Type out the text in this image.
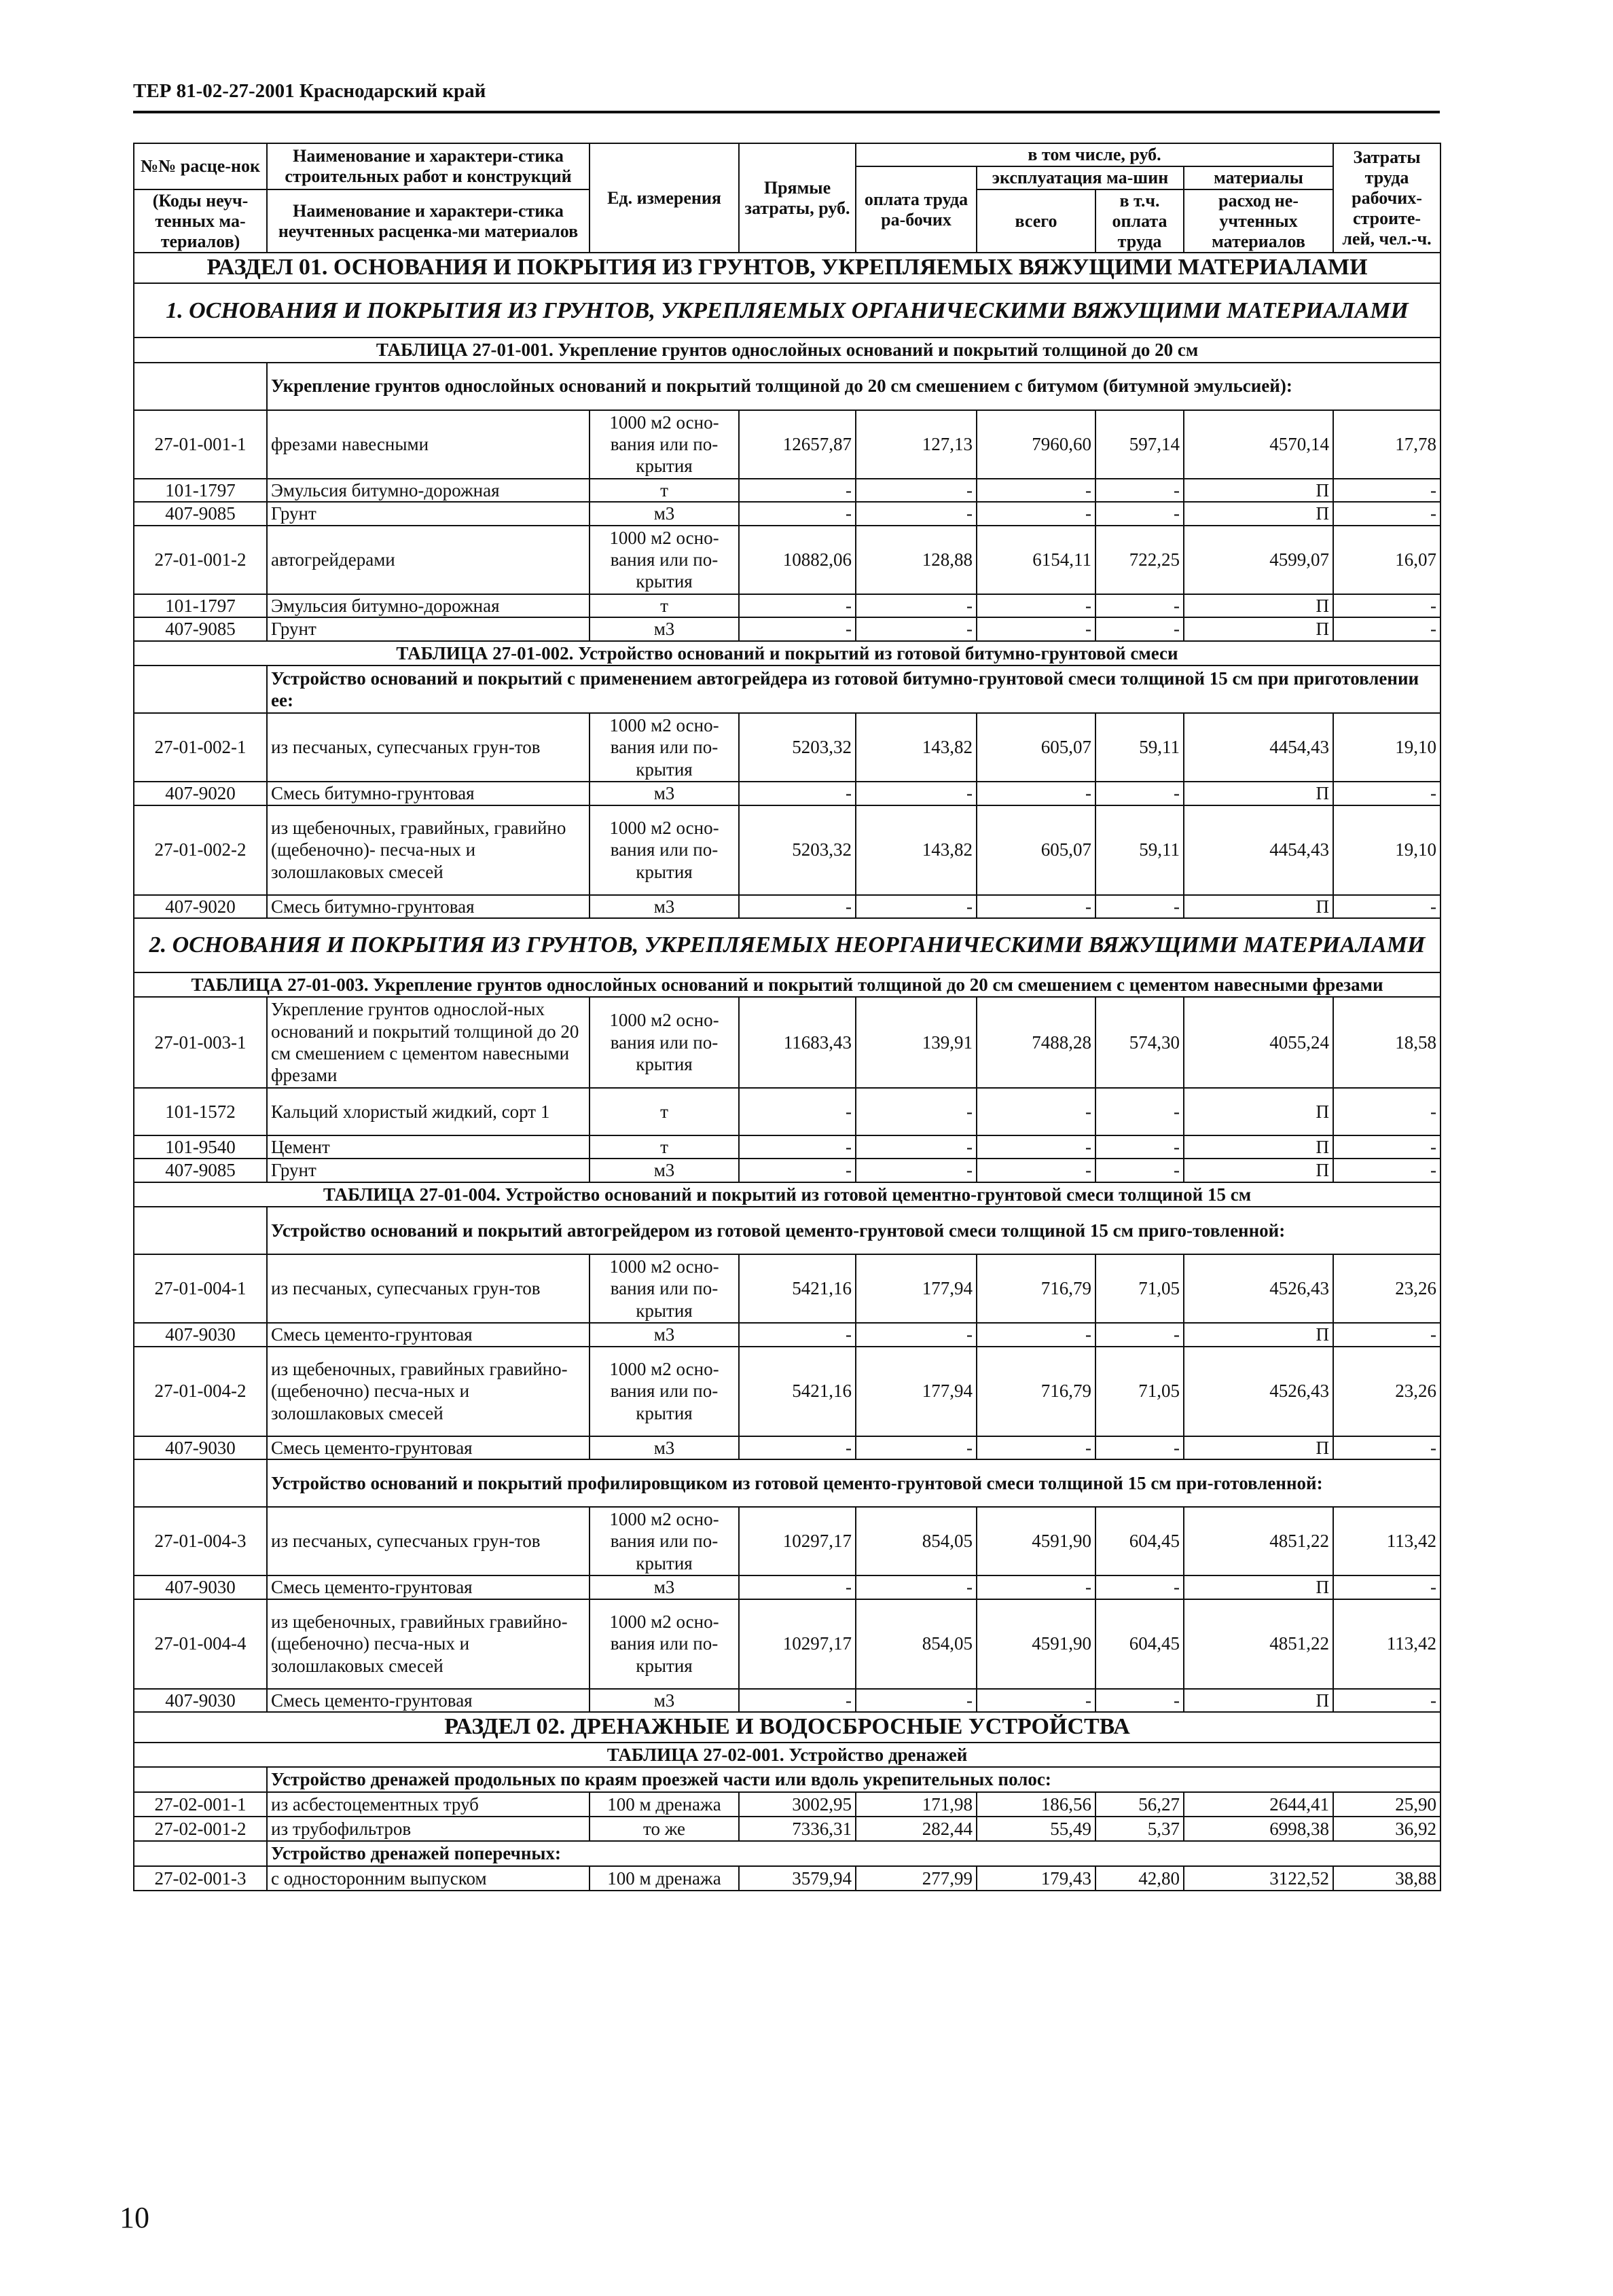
ТЕР 81-02-27-2001 Краснодарский край
№№ расце-нок	Наименование и характери-стика строительных работ и конструкций	Ед. измерения	Прямые затраты, руб.	в том числе, руб.				Затраты труда рабочих-строите-лей, чел.-ч.
				оплата труда ра-бочих	эксплуатация ма-шин		материалы	
(Коды неуч-тенных ма-териалов)	Наименование и характери-стика неучтенных расценка-ми материалов				всего	в т.ч. оплата труда	расход не-учтенных материалов	

РАЗДЕЛ 01. ОСНОВАНИЯ И ПОКРЫТИЯ ИЗ ГРУНТОВ, УКРЕПЛЯЕМЫХ ВЯЖУЩИМИ МАТЕРИАЛАМИ								
1. ОСНОВАНИЯ И ПОКРЫТИЯ ИЗ ГРУНТОВ, УКРЕПЛЯЕМЫХ ОРГАНИЧЕСКИМИ ВЯЖУЩИМИ МАТЕРИАЛАМИ								
ТАБЛИЦА 27-01-001. Укрепление грунтов однослойных оснований и покрытий толщиной до 20 см								
	Укрепление грунтов однослойных оснований и покрытий толщиной до 20 см смешением с битумом (битумной эмульсией):							
27-01-001-1	фрезами навесными	1000 м2 осно-вания или по-крытия	12657,87	127,13	7960,60	597,14	4570,14	17,78
101-1797	Эмульсия битумно-дорожная	т	-	-	-	-	П	-
407-9085	Грунт	м3	-	-	-	-	П	-
27-01-001-2	автогрейдерами	1000 м2 осно-вания или по-крытия	10882,06	128,88	6154,11	722,25	4599,07	16,07
101-1797	Эмульсия битумно-дорожная	т	-	-	-	-	П	-
407-9085	Грунт	м3	-	-	-	-	П	-
ТАБЛИЦА 27-01-002. Устройство оснований и покрытий из готовой битумно-грунтовой смеси								
	Устройство оснований и покрытий с применением автогрейдера из готовой битумно-грунтовой смеси толщиной 15 см при приготовлении ее:							
27-01-002-1	из песчаных, супесчаных грун-тов	1000 м2 осно-вания или по-крытия	5203,32	143,82	605,07	59,11	4454,43	19,10
407-9020	Смесь битумно-грунтовая	м3	-	-	-	-	П	-
27-01-002-2	из щебеночных, гравийных, гравийно (щебеночно)- песча-ных и золошлаковых смесей	1000 м2 осно-вания или по-крытия	5203,32	143,82	605,07	59,11	4454,43	19,10
407-9020	Смесь битумно-грунтовая	м3	-	-	-	-	П	-
2. ОСНОВАНИЯ И ПОКРЫТИЯ ИЗ ГРУНТОВ, УКРЕПЛЯЕМЫХ НЕОРГАНИЧЕСКИМИ ВЯЖУЩИМИ МАТЕРИАЛАМИ								
ТАБЛИЦА 27-01-003. Укрепление грунтов однослойных оснований и покрытий толщиной до 20 см смешением с цементом навесными фрезами								
27-01-003-1	Укрепление грунтов однослой-ных оснований и покрытий толщиной до 20 см смешением с цементом навесными фрезами	1000 м2 осно-вания или по-крытия	11683,43	139,91	7488,28	574,30	4055,24	18,58
101-1572	Кальций хлористый жидкий, сорт 1	т	-	-	-	-	П	-
101-9540	Цемент	т	-	-	-	-	П	-
407-9085	Грунт	м3	-	-	-	-	П	-
ТАБЛИЦА 27-01-004. Устройство оснований и покрытий из готовой цементно-грунтовой смеси толщиной 15 см								
	Устройство оснований и покрытий автогрейдером из готовой цементо-грунтовой смеси толщиной 15 см приго-товленной:							
27-01-004-1	из песчаных, супесчаных грун-тов	1000 м2 осно-вания или по-крытия	5421,16	177,94	716,79	71,05	4526,43	23,26
407-9030	Смесь цементо-грунтовая	м3	-	-	-	-	П	-
27-01-004-2	из щебеночных, гравийных гравийно- (щебеночно) песча-ных и золошлаковых смесей	1000 м2 осно-вания или по-крытия	5421,16	177,94	716,79	71,05	4526,43	23,26
407-9030	Смесь цементо-грунтовая	м3	-	-	-	-	П	-
	Устройство оснований и покрытий профилировщиком из готовой цементо-грунтовой смеси толщиной 15 см при-готовленной:							
27-01-004-3	из песчаных, супесчаных грун-тов	1000 м2 осно-вания или по-крытия	10297,17	854,05	4591,90	604,45	4851,22	113,42
407-9030	Смесь цементо-грунтовая	м3	-	-	-	-	П	-
27-01-004-4	из щебеночных, гравийных гравийно- (щебеночно) песча-ных и золошлаковых смесей	1000 м2 осно-вания или по-крытия	10297,17	854,05	4591,90	604,45	4851,22	113,42
407-9030	Смесь цементо-грунтовая	м3	-	-	-	-	П	-
РАЗДЕЛ 02. ДРЕНАЖНЫЕ И ВОДОСБРОСНЫЕ УСТРОЙСТВА								
ТАБЛИЦА 27-02-001. Устройство дренажей								
	Устройство дренажей продольных по краям проезжей части или вдоль укрепительных полос:							
27-02-001-1	из асбестоцементных труб	100 м дренажа	3002,95	171,98	186,56	56,27	2644,41	25,90
27-02-001-2	из трубофильтров	то же	7336,31	282,44	55,49	5,37	6998,38	36,92
	Устройство дренажей поперечных:							
27-02-001-3	с односторонним выпуском	100 м дренажа	3579,94	277,99	179,43	42,80	3122,52	38,88
10
